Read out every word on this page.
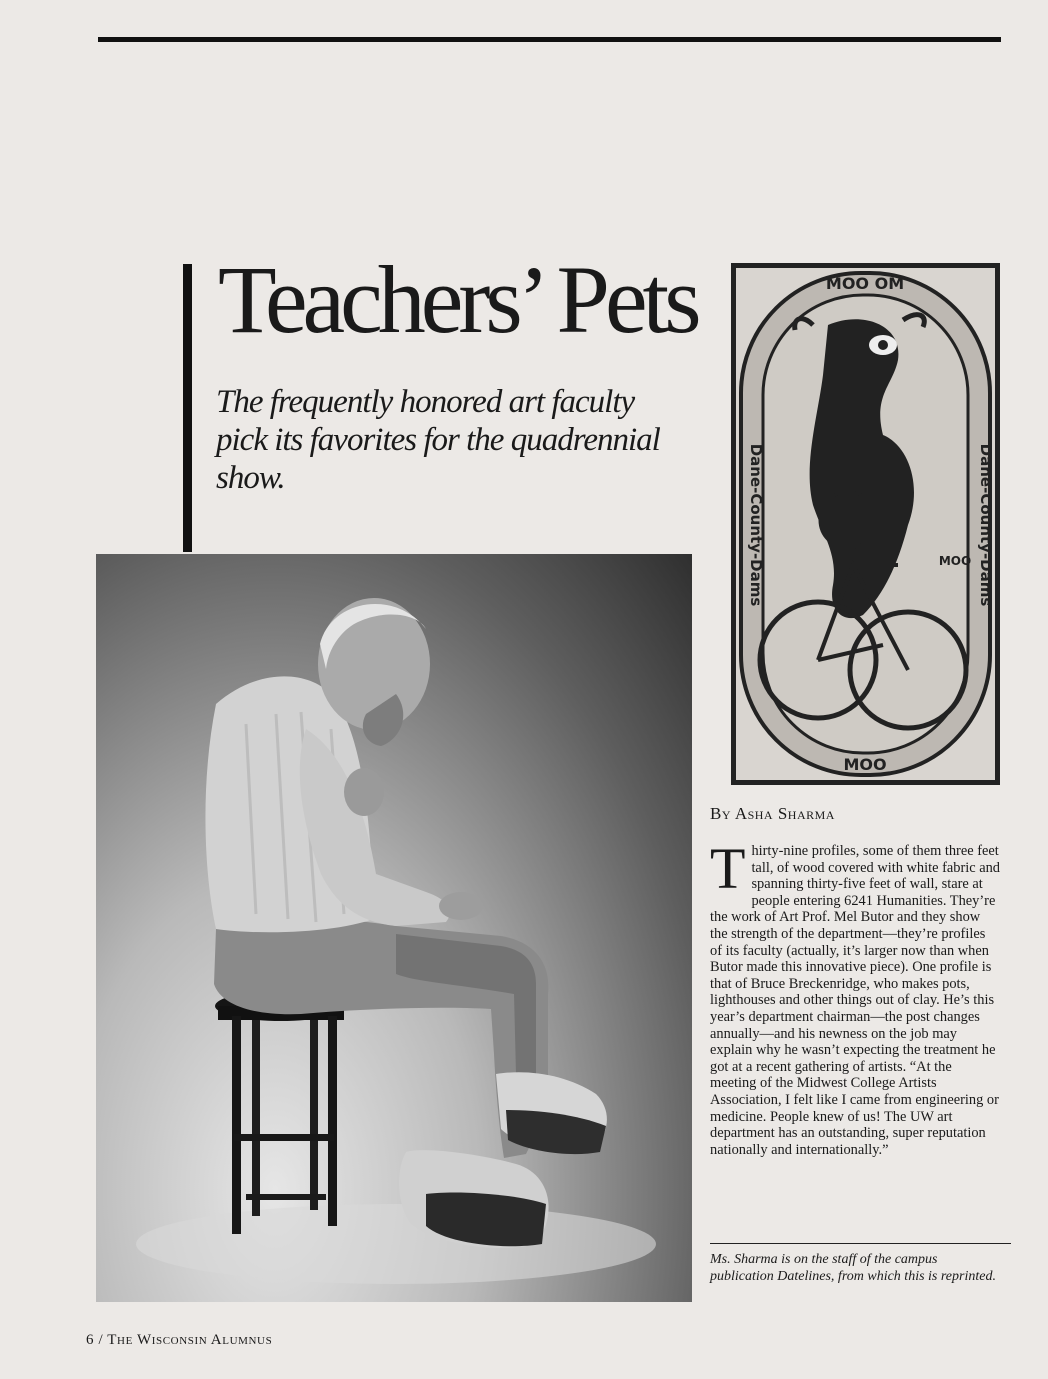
Teachers’ Pets

The frequently honored art faculty pick its favorites for the quadrennial show.	Dane-County-Dams	Dane-County-Dams
MOO OM
MOO
MOO

By Asha Sharma

Thirty-nine profiles, some of them three feet tall, of wood covered with white fabric and spanning thirty-five feet of wall, stare at people entering 6241 Humanities. They’re the work of Art Prof. Mel Butor and they show the strength of the department—they’re profiles of its faculty (actually, it’s larger now than when Butor made this innovative piece). One profile is that of Bruce Breckenridge, who makes pots, lighthouses and other things out of clay. He’s this year’s department chairman—the post changes annually—and his newness on the job may explain why he wasn’t expecting the treatment he got at a recent gathering of artists. “At the meeting of the Midwest College Artists Association, I felt like I came from engineering or medicine. People knew of us! The UW art department has an outstanding, super reputation nationally and internationally.”

Ms. Sharma is on the staff of the campus publication Datelines, from which this is reprinted.

6 / The Wisconsin Alumnus
